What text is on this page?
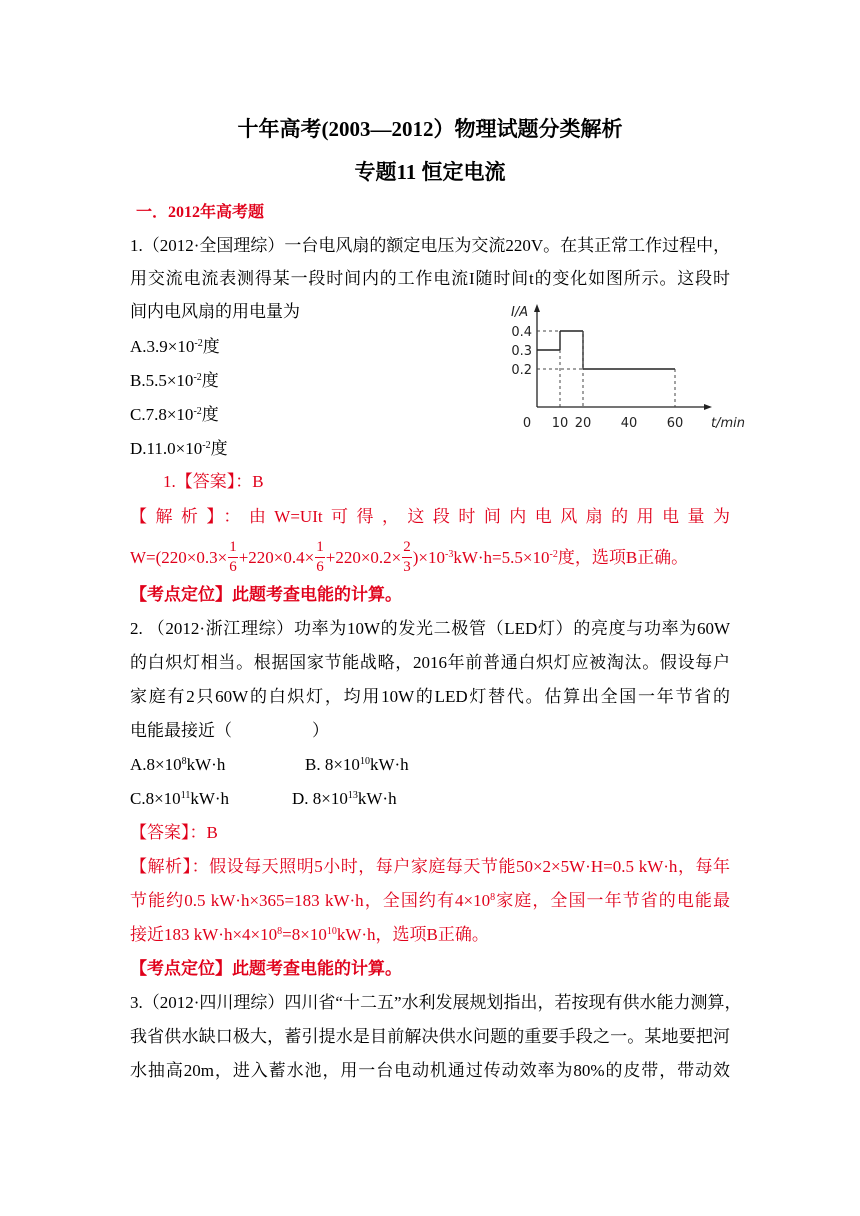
十年高考(2003—2012）物理试题分类解析
专题11 恒定电流
一．2012年高考题
1.（2012·全国理综）一台电风扇的额定电压为交流220V。在其正常工作过程中，
用交流电流表测得某一段时间内的工作电流I随时间t的变化如图所示。这段时
间内电风扇的用电量为
$A.3.9\times 10^{-2}$度
$B.5.5\times 10^{-2}$度
$C.7.8\times 10^{-2}$度
$D.11.0\times 10^{-2}$度
I/A
t/min
0.4
0.3
0.2
0 10 20 40 60
1.【答案】：B
【解析】：由W=UIt可得，这段时间内电风扇的用电量为
$W=(220\times 0.3\times \frac{1}{6} +220\times 0.4\times \frac{1}{6} +220\times 0.2\times \frac{2}{3} )\times 10^{-3}kW\cdot h=5.5\times 10^{-2}$度，选项B正确。
【考点定位】此题考查电能的计算。
2. （2012·浙江理综）功率为10W的发光二极管（LED灯）的亮度与功率为60W
的白炽灯相当。根据国家节能战略，2016年前普通白炽灯应被淘汰。假设每户
家庭有2只60W的白炽灯，均用10W的LED灯替代。估算出全国一年节省的
电能最接近（	）
$A.8\times 10^8kW\cdot h$	B. $8\times 10^{10}kW\cdot h$
$C.8\times 10^{11}kW\cdot h$	D. $8\times 10^{13}kW\cdot h$
【答案】：B
【解析】：假设每天照明5小时，每户家庭每天节能50×2×5W·H=0.5 kW·h，每年
节能约0.5 kW·h×365=183 kW·h，全国约有$4\times 10^8$家庭，全国一年节省的电能最
接近183 $kW\cdot h\times 4\times 10^8=8\times 10^{10}kW\cdot h$，选项B正确。
【考点定位】此题考查电能的计算。
3.（2012·四川理综）四川省“十二五”水利发展规划指出，若按现有供水能力测算，
我省供水缺口极大，蓄引提水是目前解决供水问题的重要手段之一。某地要把河
水抽高20m，进入蓄水池，用一台电动机通过传动效率为80%的皮带，带动效
